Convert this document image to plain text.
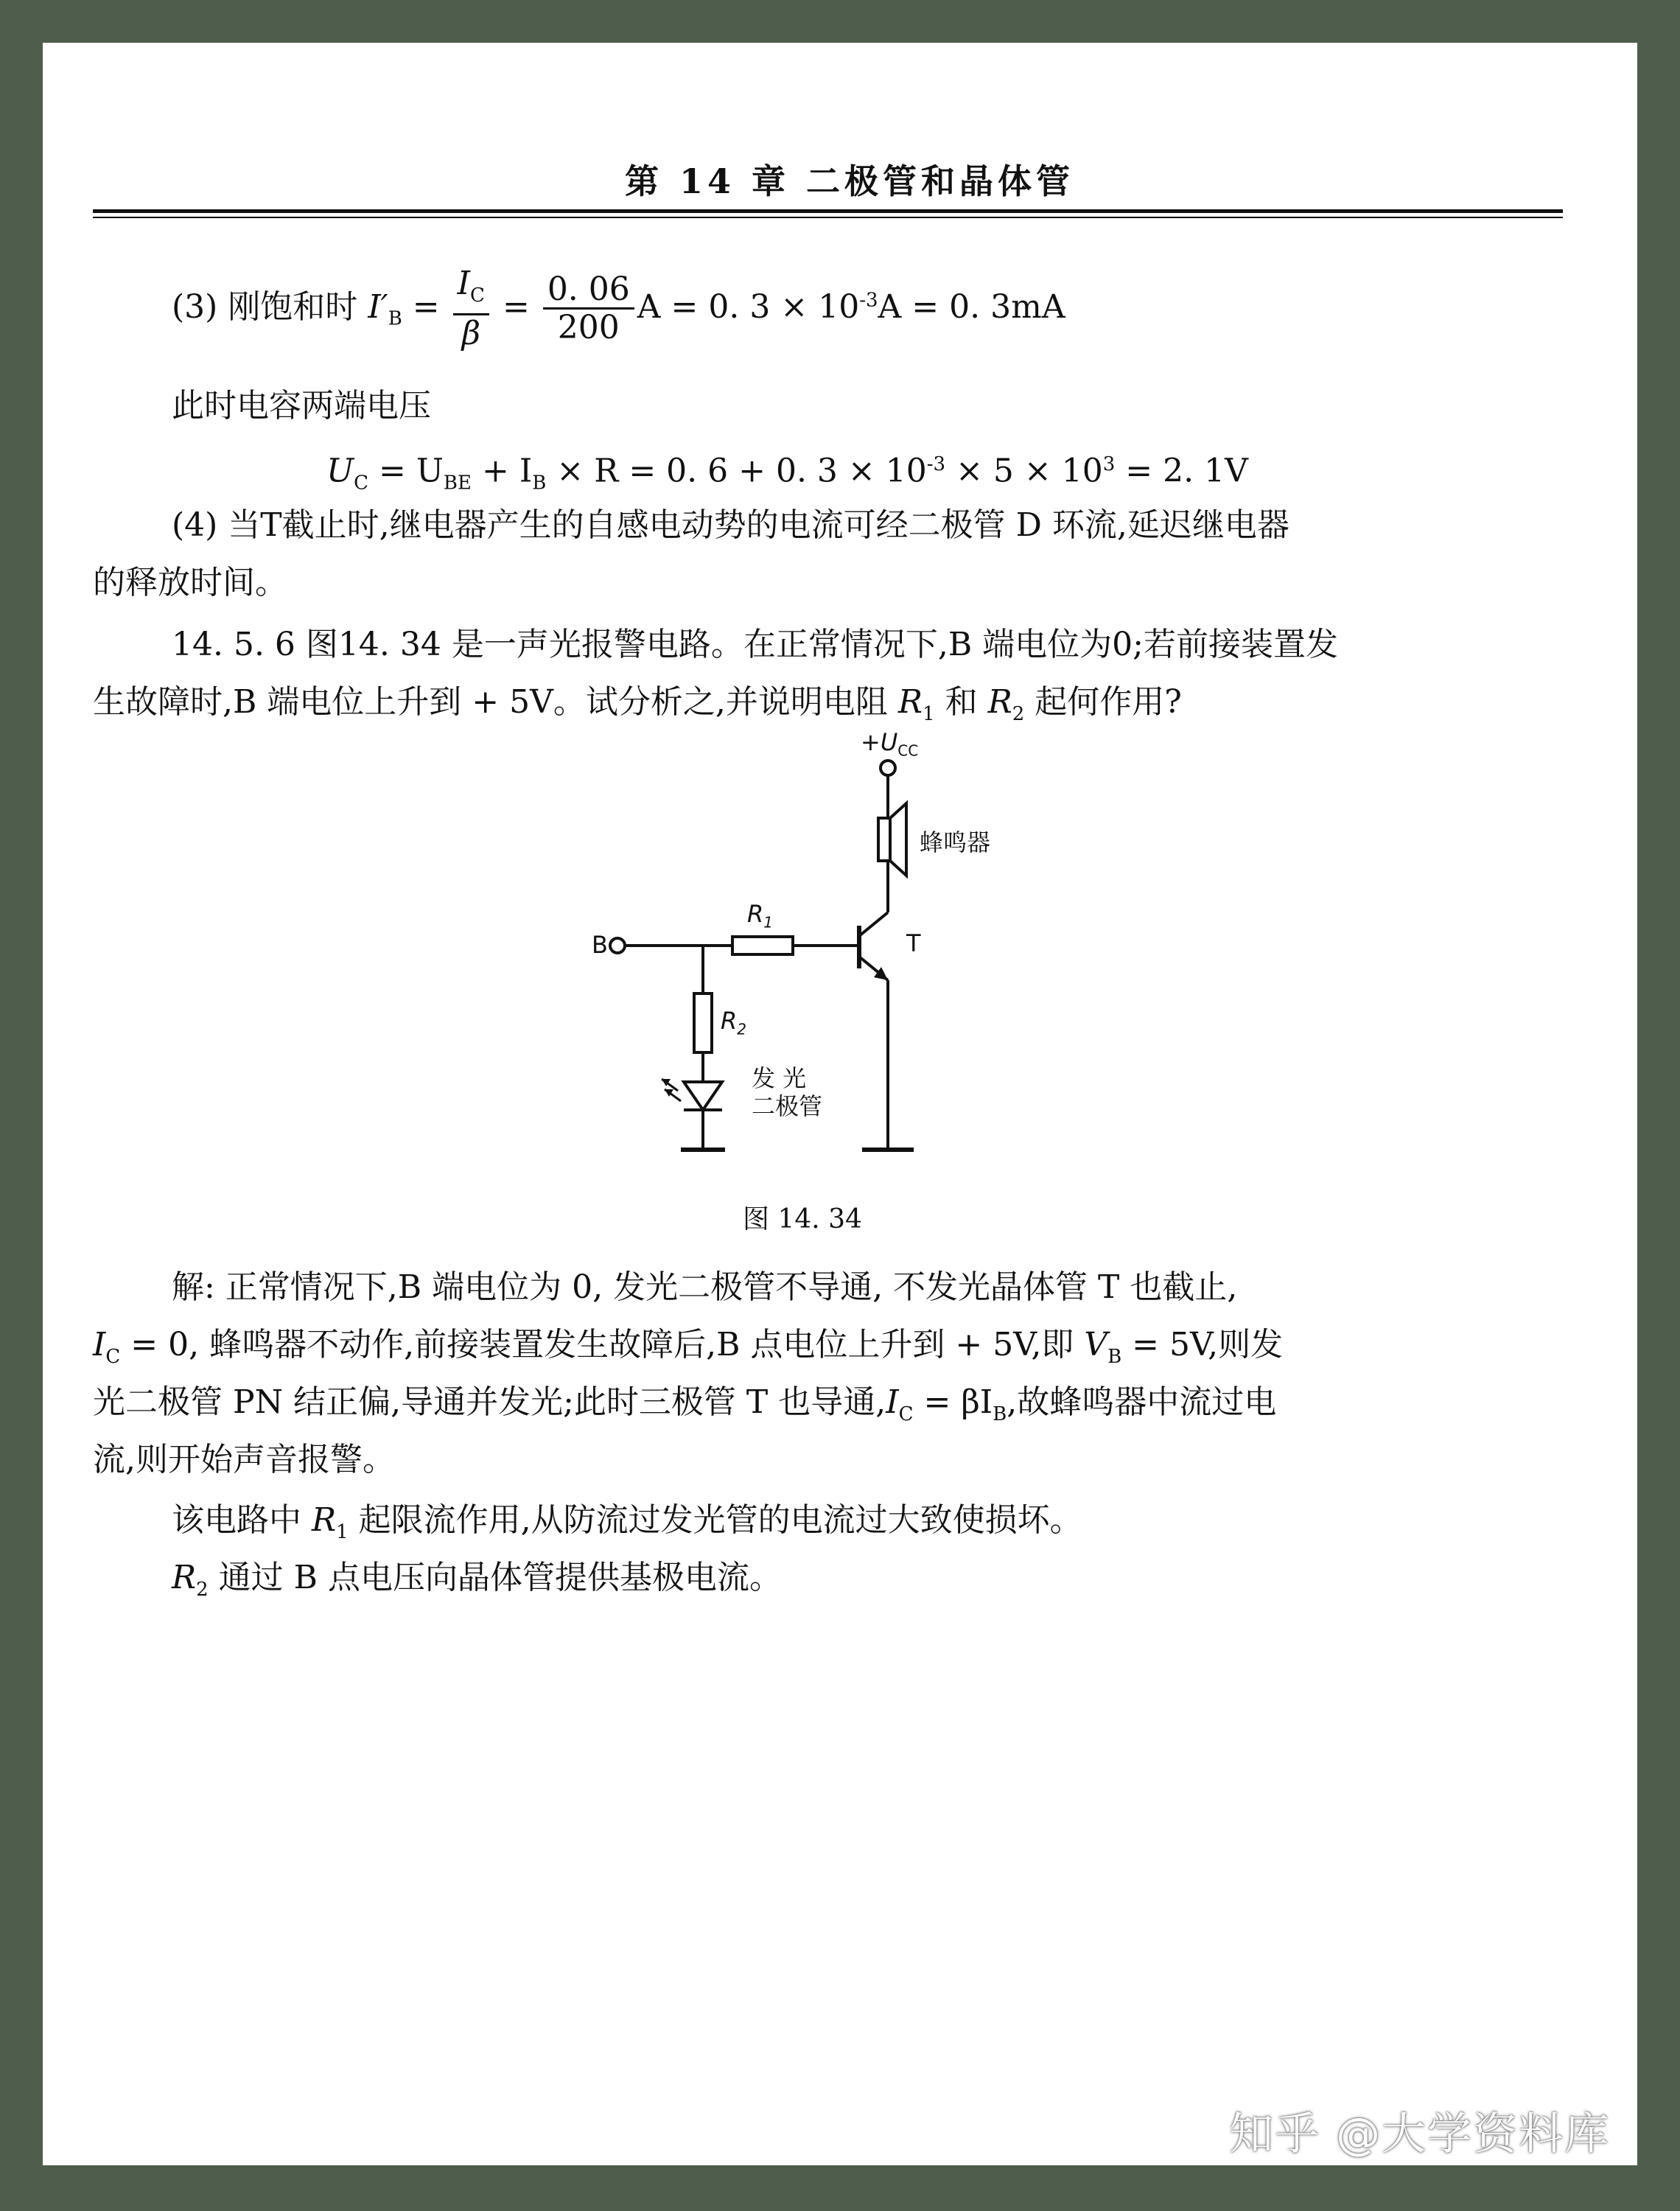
第 14 章 二极管和晶体管
(3) 刚饱和时 $I'_B = \frac{I_C}{\beta} = \frac{0. 06}{200}$ A = 0. $3 \times 10^{-3}A = 0$. 3mA
此时电容两端电压
$U_C = U_{BE} + I_B \times R = 0$. 6 + 0. $3 \times 10^{-3} \times 5 \times 10^3 = 2$. 1V
(4) 当T截止时,继电器产生的自感电动势的电流可经二极管 D 环流,延迟继电器
的释放时间。
14. 5. 6 图14. 34 是一声光报警电路。在正常情况下,B 端电位为0;若前接装置发
生故障时,B 端电位上升到 + 5V。试分析之,并说明电阻 $R_1$ 和 $R_2$ 起何作用?
$+U_{CC}$
蜂鸣器
$R_1$
$R_2$
B	T
发 光
二极管
图 14. 34
解: 正常情况下,B 端电位为 0, 发光二极管不导通, 不发光晶体管 T 也截止,
$I_C = 0$, 蜂鸣器不动作,前接装置发生故障后,B 点电位上升到 + 5V,即 $V_B = 5V$,则发
光二极管 PN 结正偏,导通并发光;此时三极管 T 也导通$,I_C = \beta I_B$,故蜂鸣器中流过电
流,则开始声音报警。
该电路中 $R_1$ 起限流作用,从防流过发光管的电流过大致使损坏。
$R_2$ 通过 B 点电压向晶体管提供基极电流。
知乎 @大学资料库
